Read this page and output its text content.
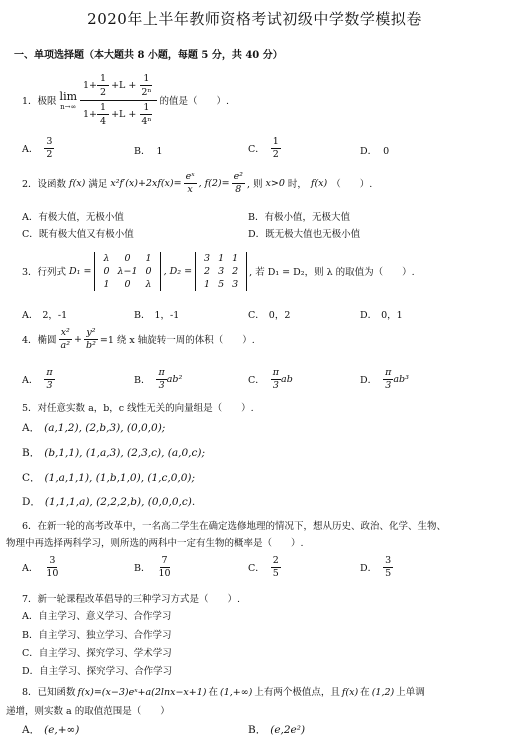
2020年上半年教师资格考试初级中学数学模拟卷
一、单项选择题（本大题共 8 小题，每题 5 分，共 40 分）
1．极限 lim
$n\to\infty \frac{1+ \frac{1}{2} +L + \frac{1}{\text{2ⁿ}}}{1+ \frac{1}{4} +L + \frac{1}{\text{4ⁿ}}}$ 的值是（　　）.
A． $\frac{3}{2}$	B． 1	C． $\frac{1}{2}$	D． 0
2．设函数 f(x) 满足 $x^2f'(x)+2xf(x)= \frac{\text{eˣ}}{x}$ , $f(2)= \frac{\text{e²}}{8}$ , 则 x>0 时， f(x) （　　）.
A．有极大值，无极小值	B．有极小值，无极大值
C．既有极大值又有极小值	D．既无极大值也无极小值
3．行列式 D₁ =
λ	0	1
0	λ−1	0
1	0	λ
, D₂ =
3	1	1
2	3	2
1	5	3
, 若 D₁ = D₂，则 λ 的取值为（　　）.
A． 2，-1	B． 1，-1	C． 0，2	D． 0，1
4．椭圆 $\frac{\text{x²}}{\text{a²}} + \frac{\text{y²}}{\text{b²}} =1$ 绕 x 轴旋转一周的体积（　　）.
A． $\frac{\pi}{3}$	B． $\frac{\pi}{3} ab^2$	C． $\frac{\pi}{3}$ ab	D． $\frac{\pi}{3} ab^3$
5．对任意实数 a，b，c 线性无关的向量组是（　　）.
A． (a,1,2), (2,b,3), (0,0,0);
B． (b,1,1), (1,a,3), (2,3,c), (a,0,c);
C． (1,a,1,1), (1,b,1,0), (1,c,0,0);
D． (1,1,1,a), (2,2,2,b), (0,0,0,c).
6．在新一轮的高考改革中，一名高二学生在确定选修地理的情况下，想从历史、政治、化学、生物、
物理中再选择两科学习，则所选的两科中一定有生物的概率是（　　）.
A． $\frac{3}{10}$	B． $\frac{7}{10}$	C． $\frac{2}{5}$	D． $\frac{3}{5}$
7．新一轮课程改革倡导的三种学习方式是（　　）.
A．自主学习、意义学习、合作学习
B．自主学习、独立学习、合作学习
C．自主学习、探究学习、学术学习
D．自主学习、探究学习、合作学习
8．已知函数 f(x)=(x−3)eˣ+a(2lnx−x+1) 在 (1,+∞) 上有两个极值点，且 f(x) 在 (1,2) 上单调
递增，则实数 a 的取值范围是（　　）
A． (e,+∞)	B． (e,2e²)
